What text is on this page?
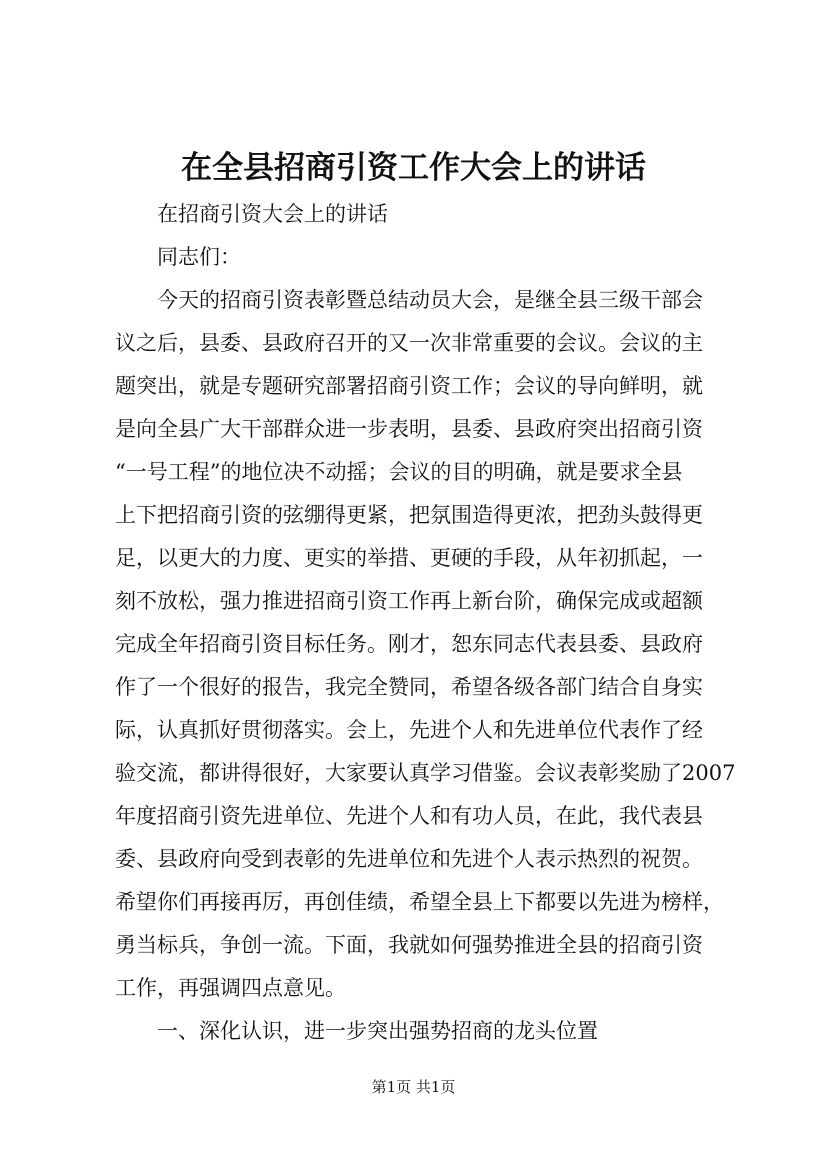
在全县招商引资工作大会上的讲话

在招商引资大会上的讲话

同志们：

今天的招商引资表彰暨总结动员大会，是继全县三级干部会

议之后，县委、县政府召开的又一次非常重要的会议。会议的主

题突出，就是专题研究部署招商引资工作；会议的导向鲜明，就

是向全县广大干部群众进一步表明，县委、县政府突出招商引资

“一号工程”的地位决不动摇；会议的目的明确，就是要求全县

上下把招商引资的弦绷得更紧，把氛围造得更浓，把劲头鼓得更

足，以更大的力度、更实的举措、更硬的手段，从年初抓起，一

刻不放松，强力推进招商引资工作再上新台阶，确保完成或超额

完成全年招商引资目标任务。刚才，恕东同志代表县委、县政府

作了一个很好的报告，我完全赞同，希望各级各部门结合自身实

际，认真抓好贯彻落实。会上，先进个人和先进单位代表作了经

验交流，都讲得很好，大家要认真学习借鉴。会议表彰奖励了2007

年度招商引资先进单位、先进个人和有功人员，在此，我代表县

委、县政府向受到表彰的先进单位和先进个人表示热烈的祝贺。

希望你们再接再厉，再创佳绩，希望全县上下都要以先进为榜样，

勇当标兵，争创一流。下面，我就如何强势推进全县的招商引资

工作，再强调四点意见。

一、深化认识，进一步突出强势招商的龙头位置

第1页 共1页
